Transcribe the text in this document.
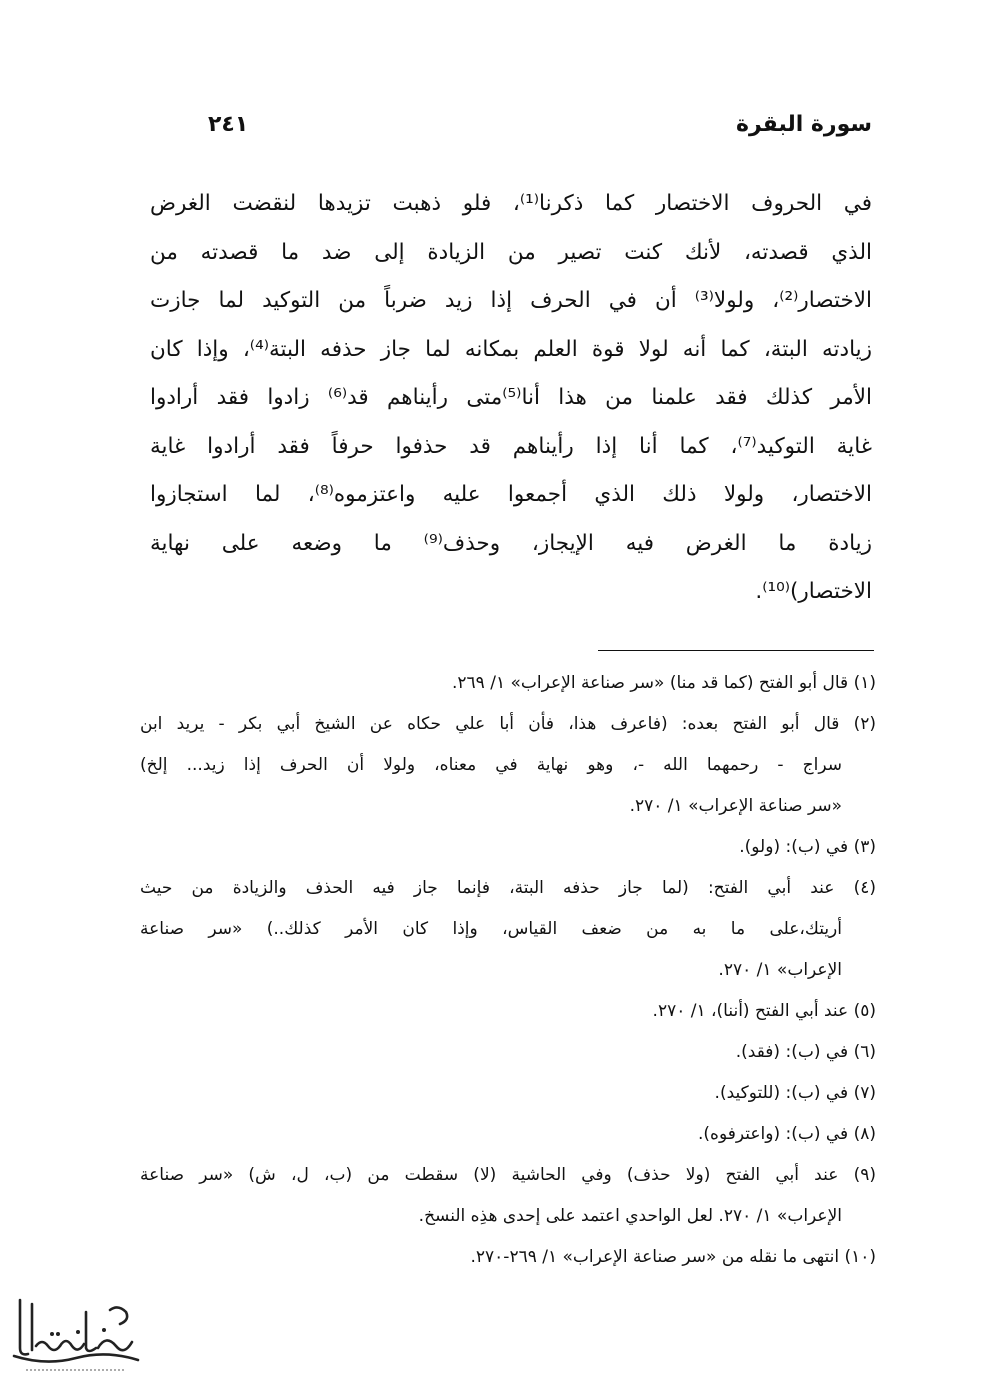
سورة البقرة
٢٤١
في الحروف الاختصار كما ذكرنا⁽¹⁾، فلو ذهبت تزيدها لنقضت الغرض
الذي قصدته، لأنك كنت تصير من الزيادة إلى ضد ما قصدته من
الاختصار⁽²⁾، ولولا⁽³⁾ أن في الحرف إذا زيد ضرباً من التوكيد لما جازت
زيادته البتة، كما أنه لولا قوة العلم بمكانه لما جاز حذفه البتة⁽⁴⁾، وإذا كان
الأمر كذلك فقد علمنا من هذا أنا⁽⁵⁾متى رأيناهم قد⁽⁶⁾ زادوا فقد أرادوا
غاية التوكيد⁽⁷⁾، كما أنا إذا رأيناهم قد حذفوا حرفاً فقد أرادوا غاية
الاختصار، ولولا ذلك الذي أجمعوا عليه واعتزموه⁽⁸⁾، لما استجازوا
زيادة ما الغرض فيه الإيجاز، وحذف⁽⁹⁾ ما وضعه على نهاية
الاختصار)⁽¹⁰⁾.
(١) قال أبو الفتح (كما قد منا) «سر صناعة الإعراب» ١/ ٢٦٩.
(٢) قال أبو الفتح بعده: (فاعرف هذا، فأن أبا علي حكاه عن الشيخ أبي بكر - يريد ابن
سراج - رحمهما الله -، وهو نهاية في معناه، ولولا أن الحرف إذا زيد... إلخ)
«سر صناعة الإعراب» ١/ ٢٧٠.
(٣) في (ب): (ولو).
(٤) عند أبي الفتح: (لما جاز حذفه البتة، فإنما جاز فيه الحذف والزيادة من حيث
أريتك،على ما به من ضعف القياس، وإذا كان الأمر كذلك..) «سر صناعة
الإعراب» ١/ ٢٧٠.
(٥) عند أبي الفتح (أننا)، ١/ ٢٧٠.
(٦) في (ب): (فقد).
(٧) في (ب): (للتوكيد).
(٨) في (ب): (واعترفوه).
(٩) عند أبي الفتح (ولا حذف) وفي الحاشية (لا) سقطت من (ب، ل، ش) «سر صناعة
الإعراب» ١/ ٢٧٠. لعل الواحدي اعتمد على إحدى هذِه النسخ.
(١٠) انتهى ما نقله من «سر صناعة الإعراب» ١/ ٢٦٩-٢٧٠.
